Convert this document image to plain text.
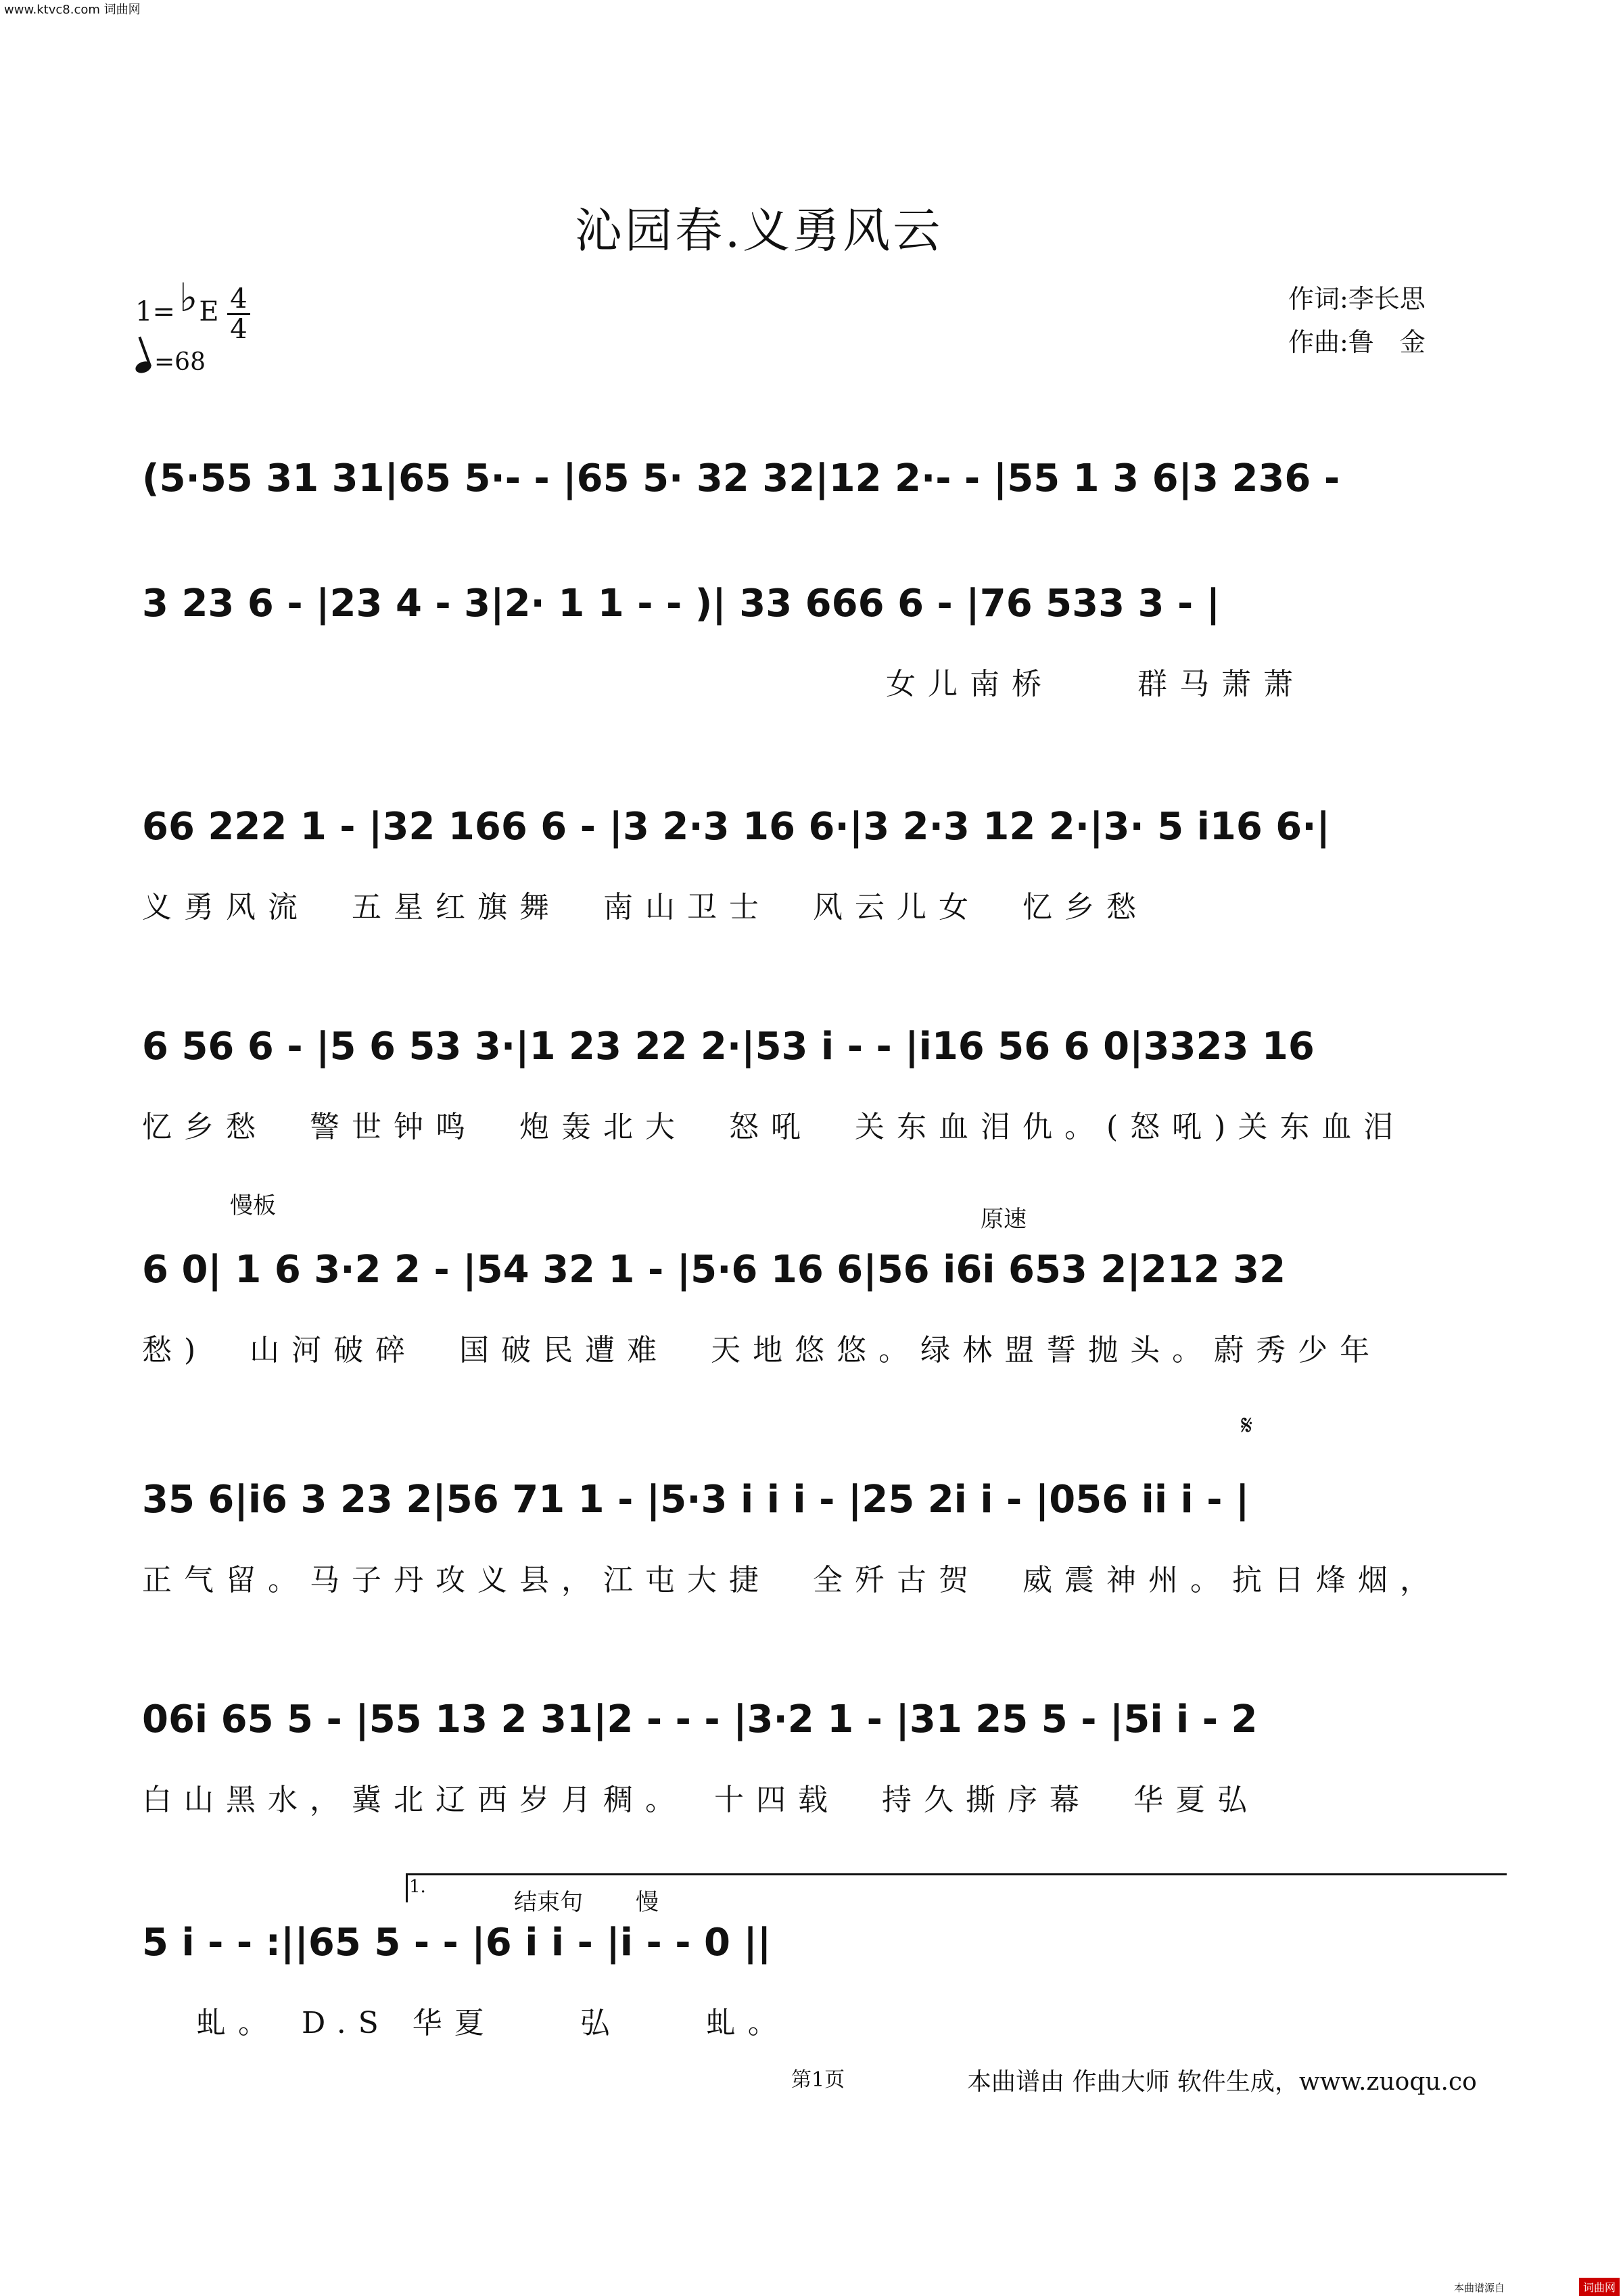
www.ktvc8.com 词曲网
沁园春.义勇风云
1= ♭E $\frac{4}{4}$
=68
作词:李长思
作曲:鲁　金
(5·55 31 31|65 5·- - |65 5· 32 32|12 2·- - |55 1 3 6|3 236 -
3 23 6 - |23 4 - 3|2· 1 1 - - )| 33 666 6 - |76 533 3 - |
女儿南桥　　群马萧萧
66 222 1 - |32 166 6 - |3 2·3 16 6·|3 2·3 12 2·|3· 5 i16 6·|
义勇风流　五星红旗舞　南山卫士　风云儿女　忆乡愁
6 56 6 - |5 6 53 3·|1 23 22 2·|53 i - - |i16 56 6 0|3323 16
忆乡愁　警世钟鸣　炮轰北大　怒吼　关东血泪仇。(怒吼)关东血泪
慢板	原速
6 0| 1 6 3·2 2 - |54 32 1 - |5·6 16 6|56 i6i 653 2|212 32
愁)　山河破碎　国破民遭难　天地悠悠。绿林盟誓抛头。蔚秀少年
𝄋
35 6|i6 3 23 2|56 71 1 - |5·3 i i i - |25 2i i - |056 ii i - |
正气留。马子丹攻义县，江屯大捷　全歼古贺　威震神州。抗日烽烟，
06i 65 5 - |55 13 2 31|2 - - - |3·2 1 - |31 25 5 - |5i i - 2
白山黑水，冀北辽西岁月稠。　十四载　持久撕序幕　华夏弘
1.
结束句 慢
5 i - - :||65 5 - - |6 i i - |i - - 0 ||
虬。 D.S 华夏　　弘　　虬。
第1页	本曲谱由 作曲大师 软件生成，www.zuoqu.co
本曲谱源自	词曲网
